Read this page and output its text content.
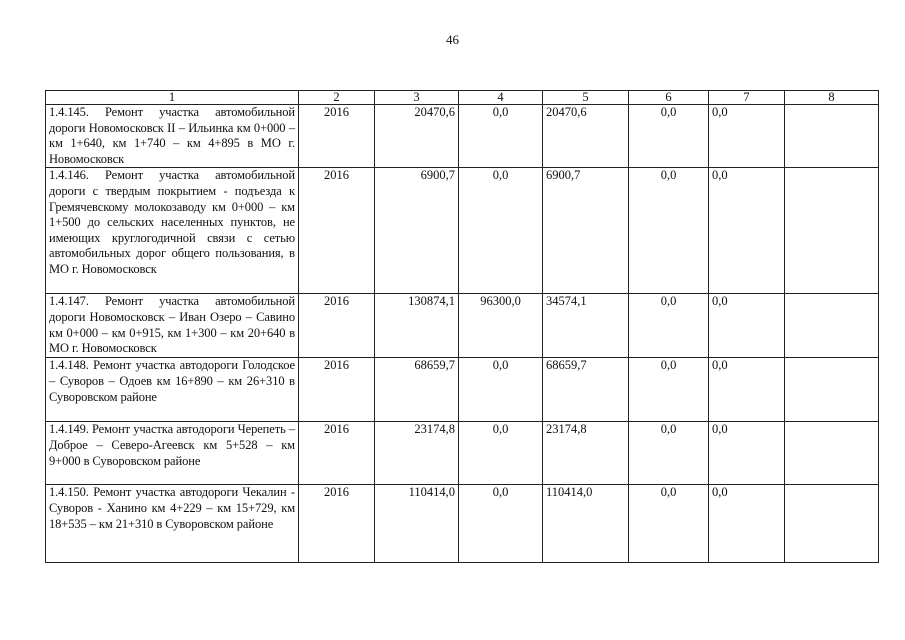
46
1	2	3	4	5	6	7	8
1.4.145. Ремонт участка автомобильной дороги Новомосковск II – Ильинка км 0+000 – км 1+640, км 1+740 – км 4+895 в МО г. Новомосковск	2016	20470,6	0,0	20470,6	0,0	0,0	
1.4.146. Ремонт участка автомобильной дороги с твердым покрытием - подъезда к Гремячевскому молокозаводу км 0+000 – км 1+500 до сельских населенных пунктов, не имеющих круглогодичной связи с сетью автомобильных дорог общего пользования, в МО г. Новомосковск	2016	6900,7	0,0	6900,7	0,0	0,0	
1.4.147. Ремонт участка автомобильной дороги Новомосковск – Иван Озеро – Савино км 0+000 – км 0+915, км 1+300 – км 20+640 в МО г. Новомосковск	2016	130874,1	96300,0	34574,1	0,0	0,0	
1.4.148. Ремонт участка автодороги Голодское – Суворов – Одоев км 16+890 – км 26+310 в Суворовском районе	2016	68659,7	0,0	68659,7	0,0	0,0	
1.4.149. Ремонт участка автодороги Черепеть – Доброе – Северо-Агеевск км 5+528 – км 9+000 в Суворовском районе	2016	23174,8	0,0	23174,8	0,0	0,0	
1.4.150. Ремонт участка автодороги Чекалин - Суворов - Ханино км 4+229 – км 15+729, км 18+535 – км 21+310 в Суворовском районе	2016	110414,0	0,0	110414,0	0,0	0,0	
